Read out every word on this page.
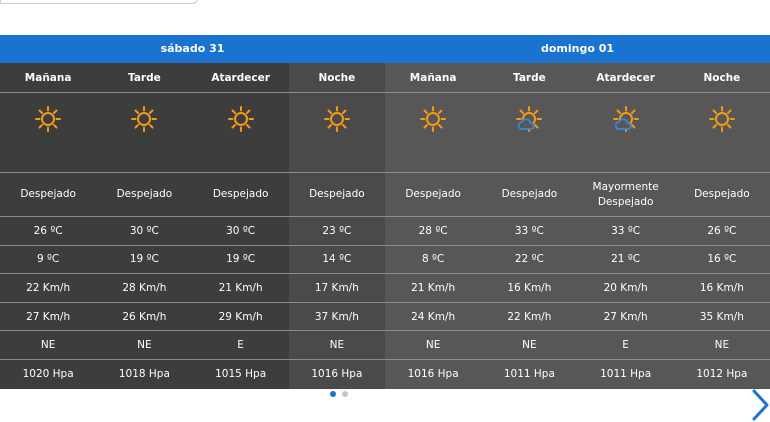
sábado 31	domingo 01
Mañana
Despejado
26 ºC
9 ºC
22 Km/h
27 Km/h
NE
1020 Hpa
Tarde
Despejado
30 ºC
19 ºC
28 Km/h
26 Km/h
NE
1018 Hpa
Atardecer
Despejado
30 ºC
19 ºC
21 Km/h
29 Km/h
E
1015 Hpa
Noche
Despejado
23 ºC
14 ºC
17 Km/h
37 Km/h
NE
1016 Hpa
Mañana
Despejado
28 ºC
8 ºC
21 Km/h
24 Km/h
NE
1016 Hpa
Tarde
Despejado
33 ºC
22 ºC
16 Km/h
22 Km/h
NE
1011 Hpa
Atardecer
Mayormente Despejado
33 ºC
21 ºC
20 Km/h
27 Km/h
E
1011 Hpa
Noche
Despejado
26 ºC
16 ºC
16 Km/h
35 Km/h
NE
1012 Hpa
